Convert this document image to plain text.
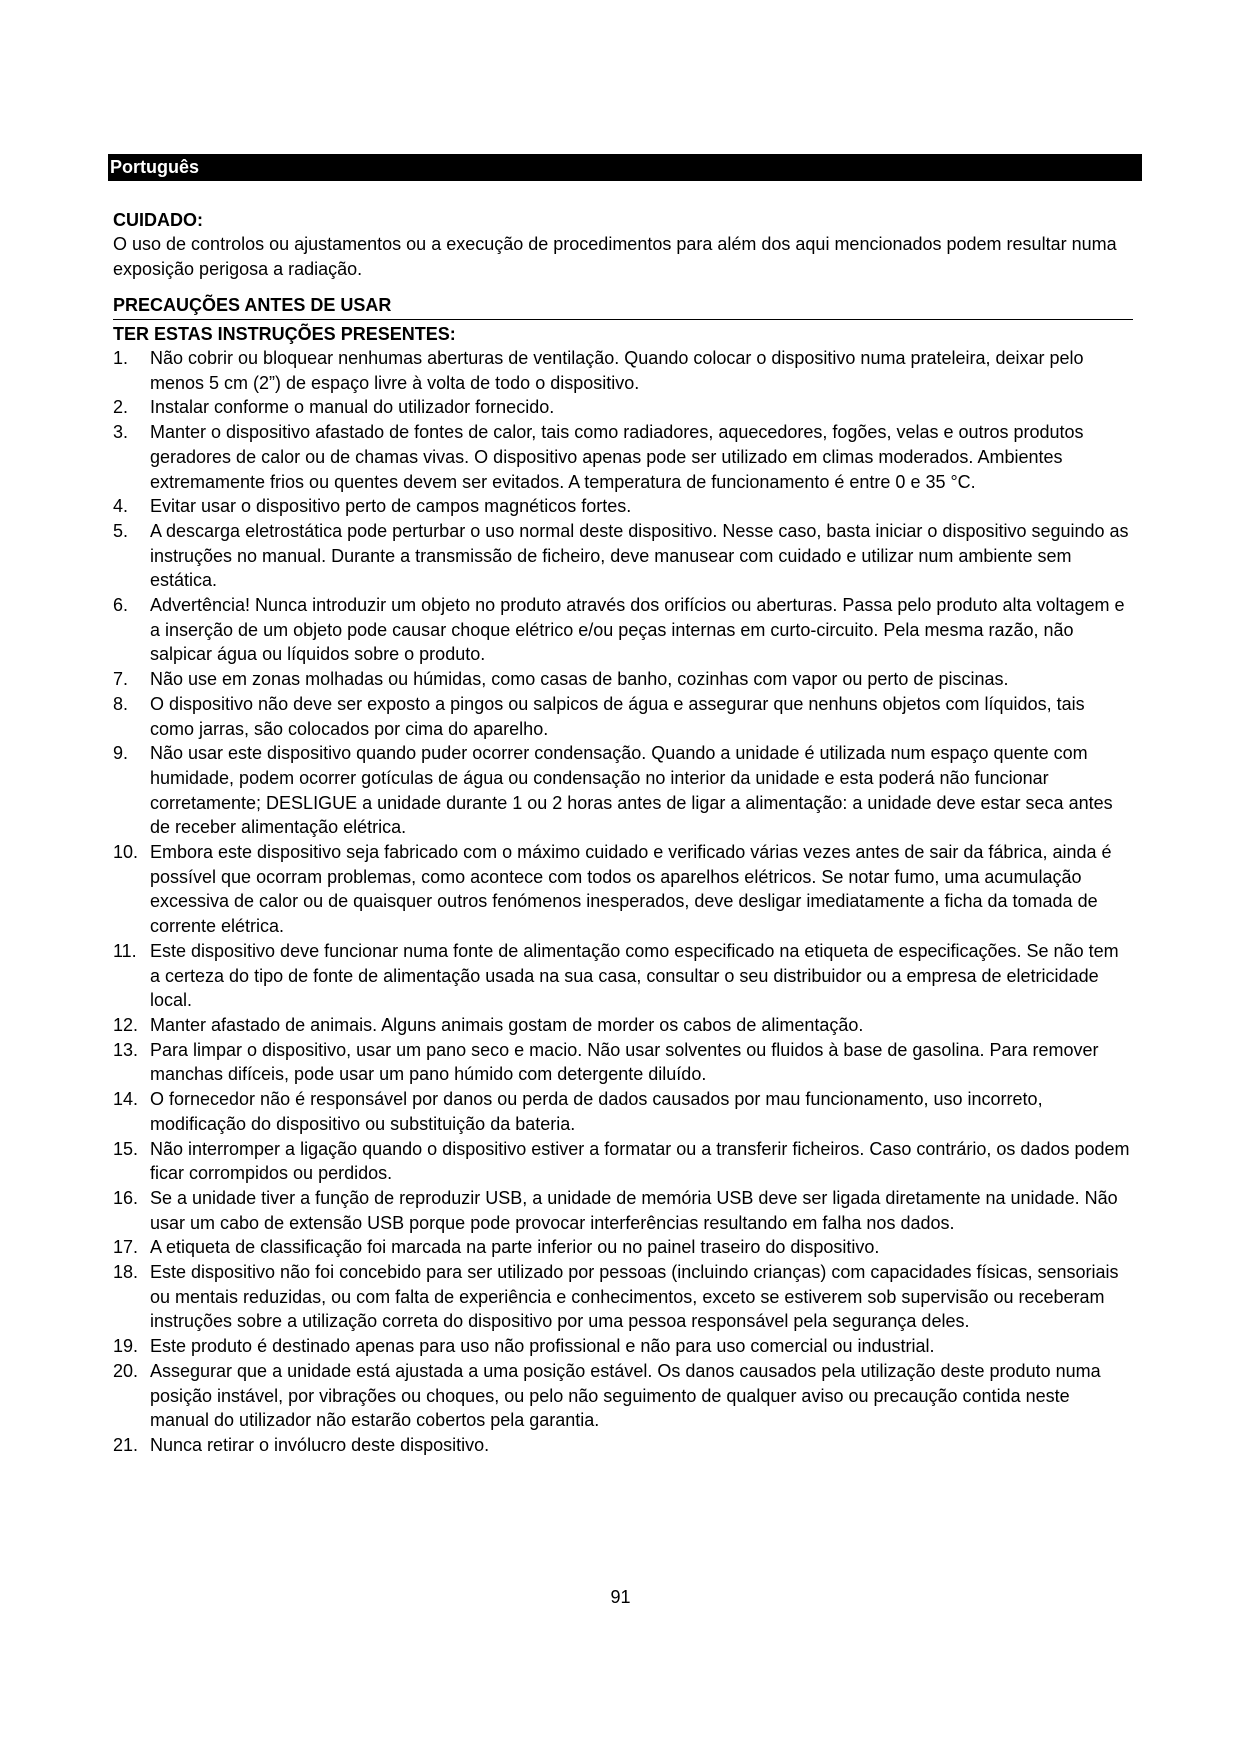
Português

CUIDADO:

O uso de controlos ou ajustamentos ou a execução de procedimentos para além dos aqui mencionados podem resultar numa exposição perigosa a radiação.

PRECAUÇÕES ANTES DE USAR

TER ESTAS INSTRUÇÕES PRESENTES:

1.	Não cobrir ou bloquear nenhumas aberturas de ventilação. Quando colocar o dispositivo numa prateleira, deixar pelo menos 5 cm (2”) de espaço livre à volta de todo o dispositivo.
2.	Instalar conforme o manual do utilizador fornecido.
3.	Manter o dispositivo afastado de fontes de calor, tais como radiadores, aquecedores, fogões, velas e outros produtos geradores de calor ou de chamas vivas. O dispositivo apenas pode ser utilizado em climas moderados. Ambientes extremamente frios ou quentes devem ser evitados. A temperatura de funcionamento é entre 0 e 35 °C.
4.	Evitar usar o dispositivo perto de campos magnéticos fortes.
5.	A descarga eletrostática pode perturbar o uso normal deste dispositivo. Nesse caso, basta iniciar o dispositivo seguindo as instruções no manual. Durante a transmissão de ficheiro, deve manusear com cuidado e utilizar num ambiente sem estática.
6.	Advertência! Nunca introduzir um objeto no produto através dos orifícios ou aberturas. Passa pelo produto alta voltagem e a inserção de um objeto pode causar choque elétrico e/ou peças internas em curto-circuito. Pela mesma razão, não salpicar água ou líquidos sobre o produto.
7.	Não use em zonas molhadas ou húmidas, como casas de banho, cozinhas com vapor ou perto de piscinas.
8.	O dispositivo não deve ser exposto a pingos ou salpicos de água e assegurar que nenhuns objetos com líquidos, tais como jarras, são colocados por cima do aparelho.
9.	Não usar este dispositivo quando puder ocorrer condensação. Quando a unidade é utilizada num espaço quente com humidade, podem ocorrer gotículas de água ou condensação no interior da unidade e esta poderá não funcionar corretamente; DESLIGUE a unidade durante 1 ou 2 horas antes de ligar a alimentação: a unidade deve estar seca antes de receber alimentação elétrica.
10. Embora este dispositivo seja fabricado com o máximo cuidado e verificado várias vezes antes de sair da fábrica, ainda é possível que ocorram problemas, como acontece com todos os aparelhos elétricos. Se notar fumo, uma acumulação excessiva de calor ou de quaisquer outros fenómenos inesperados, deve desligar imediatamente a ficha da tomada de corrente elétrica.
11. Este dispositivo deve funcionar numa fonte de alimentação como especificado na etiqueta de especificações. Se não tem a certeza do tipo de fonte de alimentação usada na sua casa, consultar o seu distribuidor ou a empresa de eletricidade local.
12. Manter afastado de animais. Alguns animais gostam de morder os cabos de alimentação.
13. Para limpar o dispositivo, usar um pano seco e macio. Não usar solventes ou fluidos à base de gasolina. Para remover manchas difíceis, pode usar um pano húmido com detergente diluído.
14. O fornecedor não é responsável por danos ou perda de dados causados por mau funcionamento, uso incorreto, modificação do dispositivo ou substituição da bateria.
15. Não interromper a ligação quando o dispositivo estiver a formatar ou a transferir ficheiros. Caso contrário, os dados podem ficar corrompidos ou perdidos.
16. Se a unidade tiver a função de reproduzir USB, a unidade de memória USB deve ser ligada diretamente na unidade. Não usar um cabo de extensão USB porque pode provocar interferências resultando em falha nos dados.
17. A etiqueta de classificação foi marcada na parte inferior ou no painel traseiro do dispositivo.
18. Este dispositivo não foi concebido para ser utilizado por pessoas (incluindo crianças) com capacidades físicas, sensoriais ou mentais reduzidas, ou com falta de experiência e conhecimentos, exceto se estiverem sob supervisão ou receberam instruções sobre a utilização correta do dispositivo por uma pessoa responsável pela segurança deles.
19. Este produto é destinado apenas para uso não profissional e não para uso comercial ou industrial.
20. Assegurar que a unidade está ajustada a uma posição estável. Os danos causados pela utilização deste produto numa posição instável, por vibrações ou choques, ou pelo não seguimento de qualquer aviso ou precaução contida neste manual do utilizador não estarão cobertos pela garantia.
21. Nunca retirar o invólucro deste dispositivo.
91
